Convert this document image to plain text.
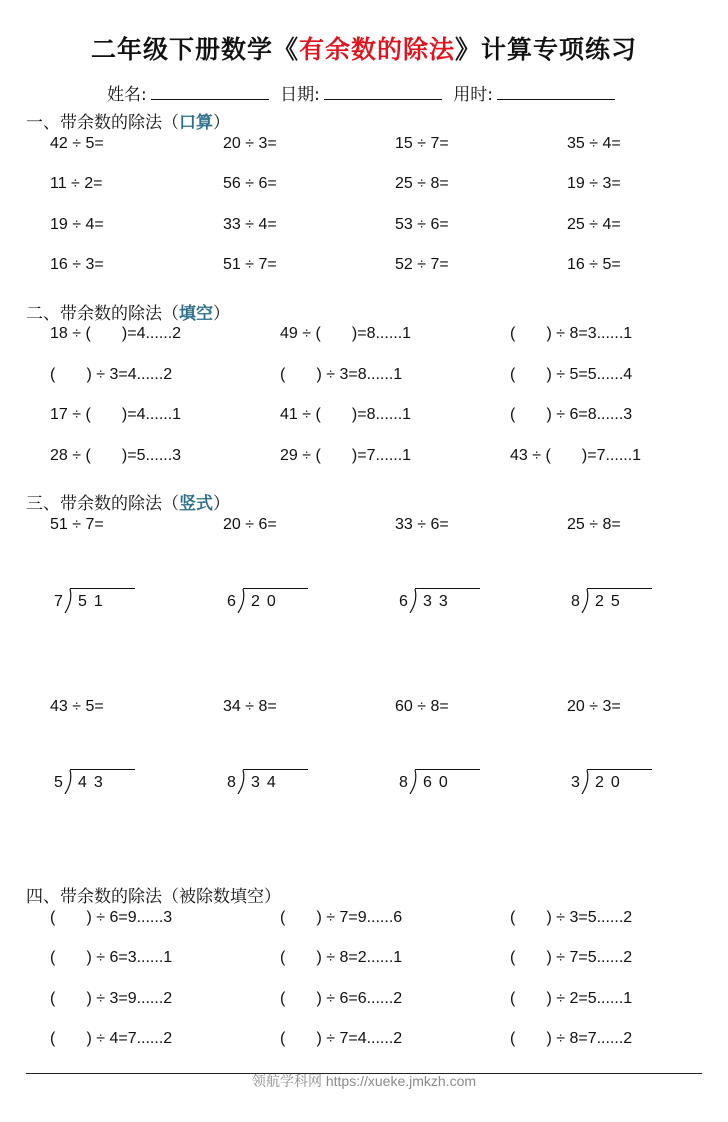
二年级下册数学《有余数的除法》计算专项练习
姓名:	日期:	用时:
一、带余数的除法（口算）
42 ÷ 5=	20 ÷ 3=	15 ÷ 7=	35 ÷ 4=
11 ÷ 2=	56 ÷ 6=	25 ÷ 8=	19 ÷ 3=
19 ÷ 4=	33 ÷ 4=	53 ÷ 6=	25 ÷ 4=
16 ÷ 3=	51 ÷ 7=	52 ÷ 7=	16 ÷ 5=
二、带余数的除法（填空）
18 ÷ (       )=4......2	49 ÷ (       )=8......1	(       ) ÷ 8=3......1
(       ) ÷ 3=4......2	(       ) ÷ 3=8......1	(       ) ÷ 5=5......4
17 ÷ (       )=4......1	41 ÷ (       )=8......1	(       ) ÷ 6=8......3
28 ÷ (       )=5......3	29 ÷ (       )=7......1	43 ÷ (       )=7......1
三、带余数的除法（竖式）
51 ÷ 7=	20 ÷ 6=	33 ÷ 6=	25 ÷ 8=
7 51	6 20	6 33	8 25
43 ÷ 5=	34 ÷ 8=	60 ÷ 8=	20 ÷ 3=
5 43	8 34	8 60	3 20
四、带余数的除法（被除数填空）
(       ) ÷ 6=9......3	(       ) ÷ 7=9......6	(       ) ÷ 3=5......2
(       ) ÷ 6=3......1	(       ) ÷ 8=2......1	(       ) ÷ 7=5......2
(       ) ÷ 3=9......2	(       ) ÷ 6=6......2	(       ) ÷ 2=5......1
(       ) ÷ 4=7......2	(       ) ÷ 7=4......2	(       ) ÷ 8=7......2
领航学科网 https://xueke.jmkzh.com
